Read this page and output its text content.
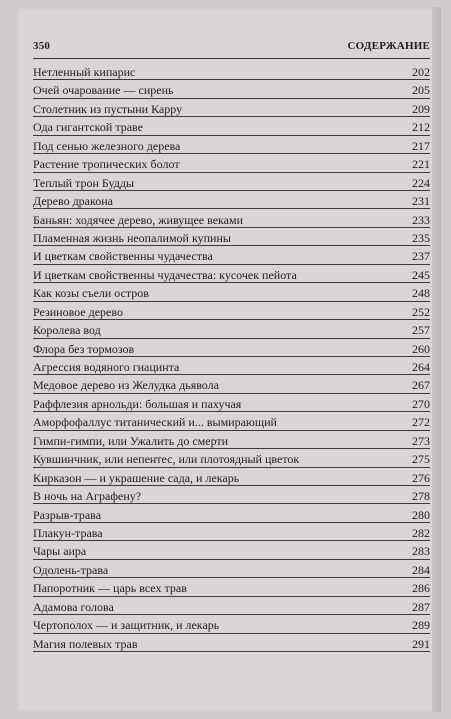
350	СОДЕРЖАНИЕ
Нетленный кипарис	202
Очей очарование — сирень	205
Столетник из пустыни Карру	209
Ода гигантской траве	212
Под сенью железного дерева	217
Растение тропических болот	221
Теплый трон Будды	224
Дерево дракона	231
Баньян: ходячее дерево, живущее веками	233
Пламенная жизнь неопалимой купины	235
И цветкам свойственны чудачества	237
И цветкам свойственны чудачества: кусочек пейота	245
Как козы съели остров	248
Резиновое дерево	252
Королева вод	257
Флора без тормозов	260
Агрессия водяного гиацинта	264
Медовое дерево из Желудка дьявола	267
Раффлезия арнольди: большая и пахучая	270
Аморфофаллус титанический и... вымирающий	272
Гимпи-гимпи, или Ужалить до смерти	273
Кувшинчник, или непентес, или плотоядный цветок	275
Кирказон — и украшение сада, и лекарь	276
В ночь на Аграфену?	278
Разрыв-трава	280
Плакун-трава	282
Чары аира	283
Одолень-трава	284
Папоротник — царь всех трав	286
Адамова голова	287
Чертополох — и защитник, и лекарь	289
Магия полевых трав	291
